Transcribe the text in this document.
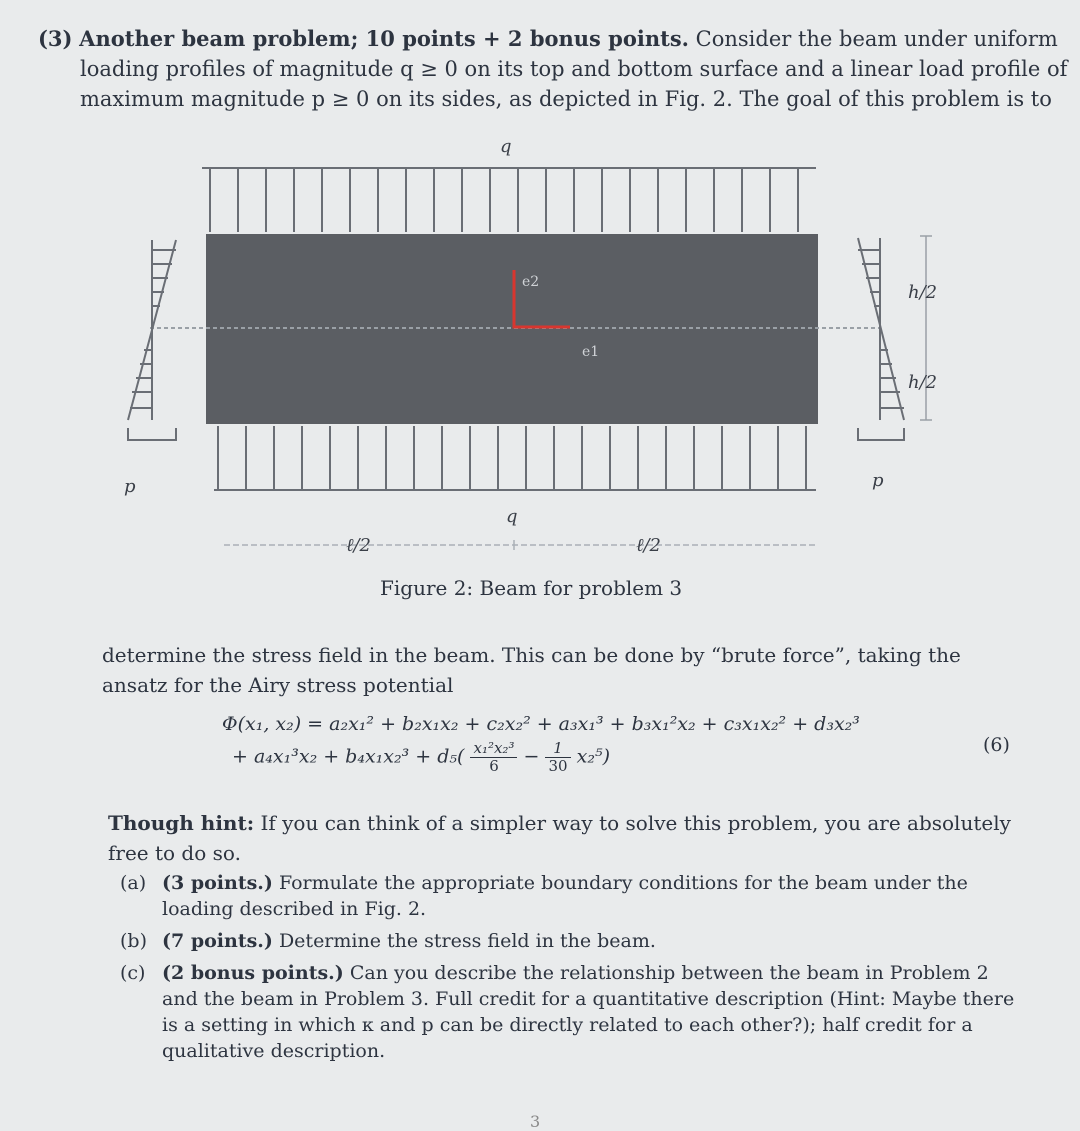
(3) Another beam problem; 10 points + 2 bonus points. Consider the beam under uniform
loading profiles of magnitude q ≥ 0 on its top and bottom surface and a linear load profile of
maximum magnitude p ≥ 0 on its sides, as depicted in Fig. 2. The goal of this problem is to
q
e2
e1
q
p	p
h/2
h/2
ℓ/2	ℓ/2
Figure 2: Beam for problem 3
determine the stress field in the beam. This can be done by “brute force”, taking the ansatz for the Airy stress potential
Φ(x₁, x₂) = a₂x₁² + b₂x₁x₂ + c₂x₂² + a₃x₁³ + b₃x₁²x₂ + c₃x₁x₂² + d₃x₂³
+ $a_4x_1^3x_2 + b_4x_1x_2^3 + d_5( \frac{\text{x₁²x₂³}}{6} - \frac{1}{30} x_2^5)$
(6)
Though hint: If you can think of a simpler way to solve this problem, you are absolutely free to do so.
(a) (3 points.) Formulate the appropriate boundary conditions for the beam under the loading described in Fig. 2.
(b) (7 points.) Determine the stress field in the beam.
(c) (2 bonus points.) Can you describe the relationship between the beam in Problem 2 and the beam in Problem 3. Full credit for a quantitative description (Hint: Maybe there is a setting in which κ and p can be directly related to each other?); half credit for a qualitative description.
3
